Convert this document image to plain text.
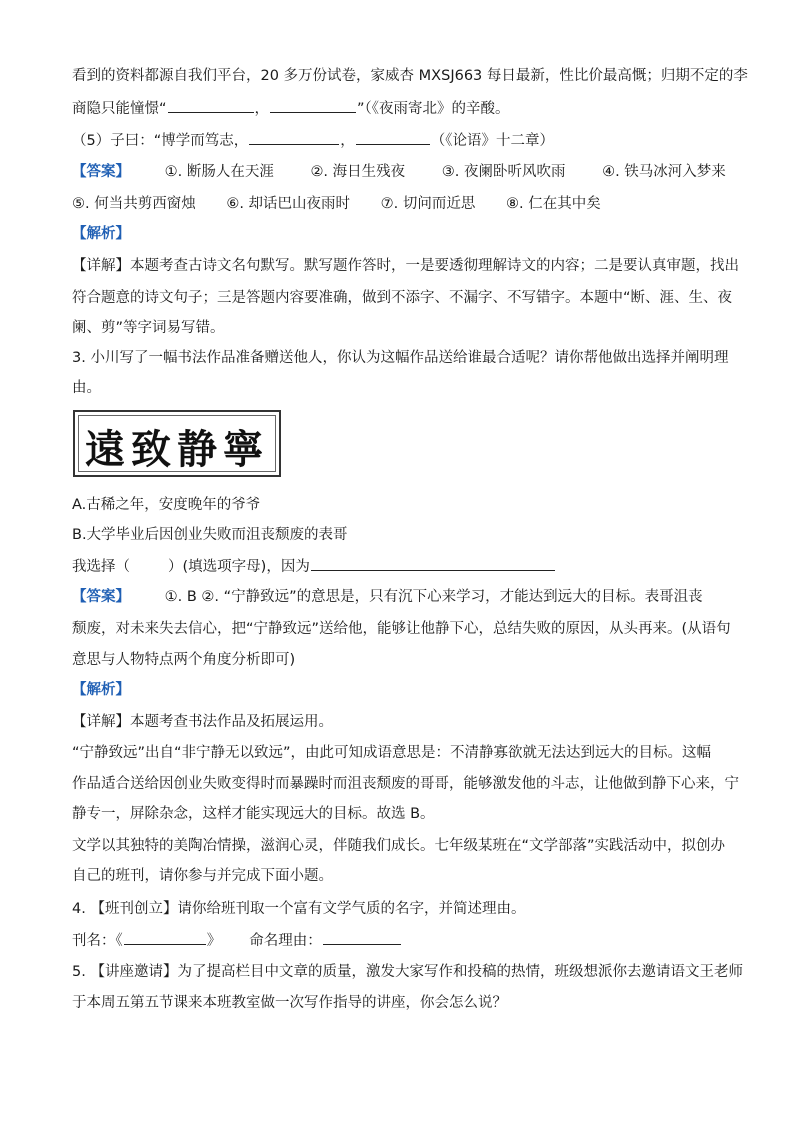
看到的资料都源自我们平台，20 多万份试卷，家威杏 MXSJ663 每日最新，性比价最高慨；归期不定的李
商隐只能憧憬“	，	”（《夜雨寄北》的辛酸。
（5）子曰：“博学而笃志，	，	（《论语》十二章）
【答案】 ①. 断肠人在天涯	②. 海日生残夜	③. 夜阑卧听风吹雨	④. 铁马冰河入梦来
⑤. 何当共剪西窗烛 ⑥. 却话巴山夜雨时 ⑦. 切问而近思 ⑧. 仁在其中矣
【解析】
【详解】本题考查古诗文名句默写。默写题作答时，一是要透彻理解诗文的内容；二是要认真审题，找出
符合题意的诗文句子；三是答题内容要准确，做到不添字、不漏字、不写错字。本题中“断、涯、生、夜
阑、剪”等字词易写错。
3. 小川写了一幅书法作品准备赠送他人，你认为这幅作品送给谁最合适呢？请你帮他做出选择并阐明理
由。
遠致静寧
A.古稀之年，安度晚年的爷爷
B.大学毕业后因创业失败而沮丧颓废的表哥
我选择（	）(填选项字母)，因为
【答案】 ①. B ②. “宁静致远”的意思是，只有沉下心来学习，才能达到远大的目标。表哥沮丧
颓废，对未来失去信心，把“宁静致远”送给他，能够让他静下心，总结失败的原因，从头再来。(从语句
意思与人物特点两个角度分析即可)
【解析】
【详解】本题考查书法作品及拓展运用。
“宁静致远”出自“非宁静无以致远”，由此可知成语意思是：不清静寡欲就无法达到远大的目标。这幅
作品适合送给因创业失败变得时而暴躁时而沮丧颓废的哥哥，能够激发他的斗志，让他做到静下心来，宁
静专一，屏除杂念，这样才能实现远大的目标。故选 B。
文学以其独特的美陶冶情操，滋润心灵，伴随我们成长。七年级某班在“文学部落”实践活动中，拟创办
自己的班刊，请你参与并完成下面小题。
4. 【班刊创立】请你给班刊取一个富有文学气质的名字，并简述理由。
刊名：《	》 命名理由：
5. 【讲座邀请】为了提高栏目中文章的质量，激发大家写作和投稿的热情，班级想派你去邀请语文王老师
于本周五第五节课来本班教室做一次写作指导的讲座，你会怎么说？
